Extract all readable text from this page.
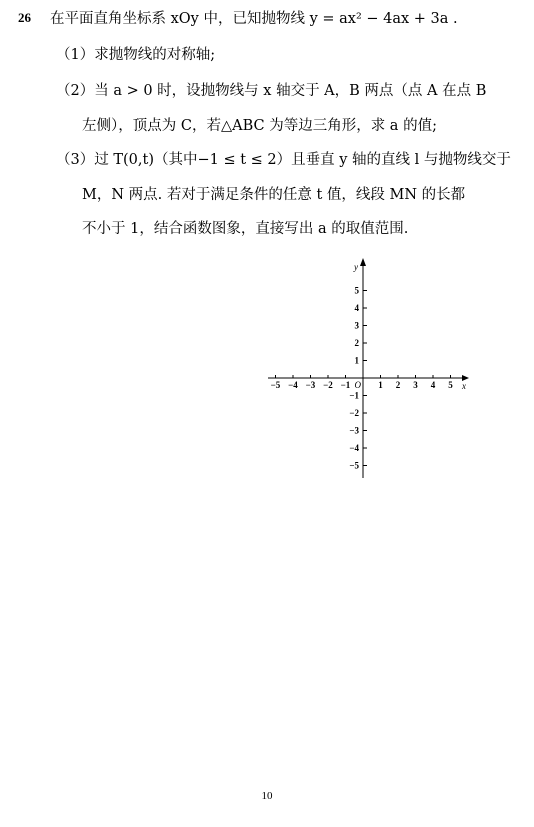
26 在平面直角坐标系 xOy 中，已知抛物线 y = ax² − 4ax + 3a .
（1）求抛物线的对称轴;
（2）当 a > 0 时，设抛物线与 x 轴交于 A，B 两点（点 A 在点 B
左侧），顶点为 C，若△ABC 为等边三角形，求 a 的值;
（3）过 T(0,t)（其中−1 ≤ t ≤ 2）且垂直 y 轴的直线 l 与抛物线交于
M，N 两点. 若对于满足条件的任意 t 值，线段 MN 的长都
不小于 1，结合函数图象，直接写出 a 的取值范围.
−5 −4 −3 −2 −1	1 2 3 4 5
5
4
3
2
1
−1
−2
−3
−4
−5
O	x
y
10
